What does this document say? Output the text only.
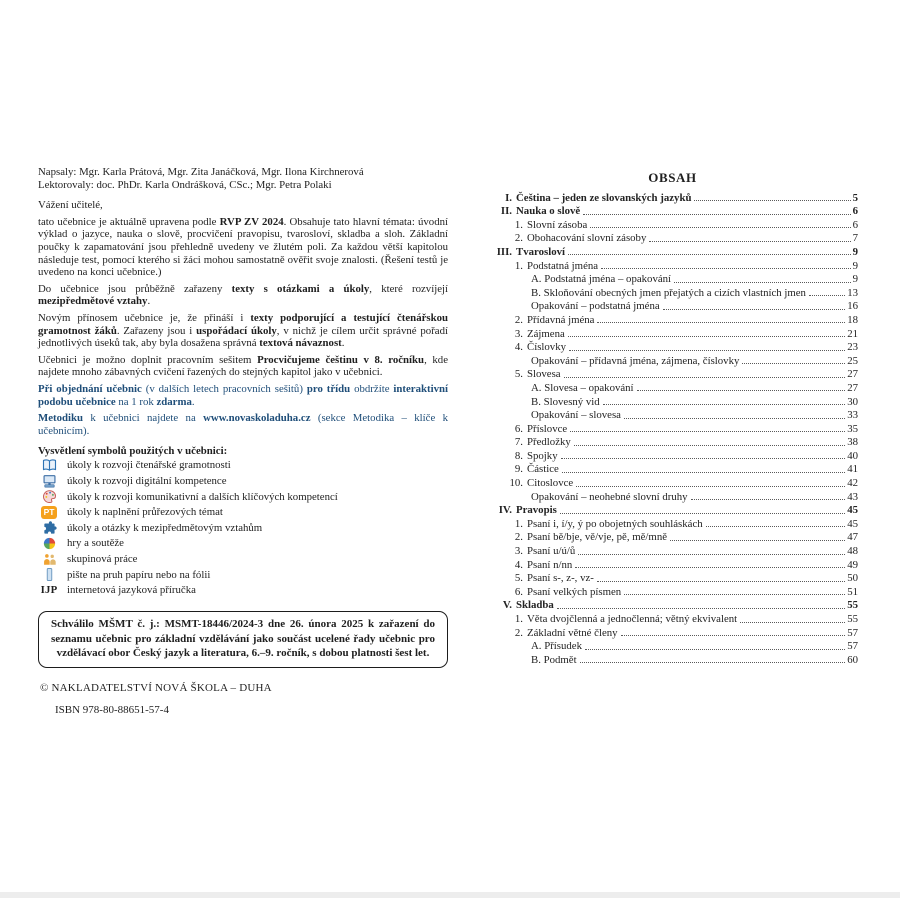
Napsaly: Mgr. Karla Prátová, Mgr. Zita Janáčková, Mgr. Ilona Kirchnerová
Lektorovaly: doc. PhDr. Karla Ondrášková, CSc.; Mgr. Petra Polaki

Vážení učitelé,

tato učebnice je aktuálně upravena podle RVP ZV 2024. Obsahuje tato hlavní témata: úvodní výklad o jazyce, nauka o slově, procvičení pravopisu, tvarosloví, skladba a sloh. Základní poučky k zapamatování jsou přehledně uvedeny ve žlutém poli. Za každou větší kapitolou následuje test, pomocí kterého si žáci mohou samostatně ověřit svoje znalosti. (Řešení testů je uvedeno na konci učebnice.)

Do učebnice jsou průběžně zařazeny texty s otázkami a úkoly, které rozvíjejí mezipředmětové vztahy.

Novým přínosem učebnice je, že přináší i texty podporující a testující čtenářskou gramotnost žáků. Zařazeny jsou i uspořádací úkoly, v nichž je cílem určit správné pořadí jednotlivých úseků tak, aby byla dosažena správná textová návaznost.

Učebnici je možno doplnit pracovním sešitem Procvičujeme češtinu v 8. ročníku, kde najdete mnoho zábavných cvičení řazených do stejných kapitol jako v učebnici.

Při objednání učebnic (v dalších letech pracovních sešitů) pro třídu obdržíte interaktivní podobu učebnice na 1 rok zdarma.

Metodiku k učebnici najdete na www.novaskoladuha.cz (sekce Metodika – klíče k učebnicím).

Vysvětlení symbolů použitých v učebnici:

úkoly k rozvoji čtenářské gramotnosti
úkoly k rozvoji digitální kompetence
úkoly k rozvoji komunikativní a dalších klíčových kompetencí
PT úkoly k naplnění průřezových témat
úkoly a otázky k mezipředmětovým vztahům
hry a soutěže
skupinová práce
pište na pruh papíru nebo na fólii
IJP internetová jazyková příručka
Schválilo MŠMT č. j.: MSMT-18446/2024-3 dne 26. února 2025 k zařazení do seznamu učebnic pro základní vzdělávání jako součást ucelené řady učebnic pro vzdělávací obor Český jazyk a literatura, 6.–9. ročník, s dobou platnosti šest let.

© NAKLADATELSTVÍ NOVÁ ŠKOLA – DUHA

ISBN 978-80-88651-57-4

OBSAH
I. Čeština – jeden ze slovanských jazyků	5
II. Nauka o slově	6
1. Slovní zásoba	6
2. Obohacování slovní zásoby	7
III. Tvarosloví	9
1. Podstatná jména	9
A. Podstatná jména – opakování	9
B. Skloňování obecných jmen přejatých a cizích vlastních jmen	13
Opakování – podstatná jména	16
2. Přídavná jména	18
3. Zájmena	21
4. Číslovky	23
Opakování – přídavná jména, zájmena, číslovky	25
5. Slovesa	27
A. Slovesa – opakování	27
B. Slovesný vid	30
Opakování – slovesa	33
6. Příslovce	35
7. Předložky	38
8. Spojky	40
9. Částice	41
10. Citoslovce	42
Opakování – neohebné slovní druhy	43
IV. Pravopis	45
1. Psaní i, í/y, ý po obojetných souhláskách	45
2. Psaní bě/bje, vě/vje, pě, mě/mně	47
3. Psaní u/ú/ů	48
4. Psaní n/nn	49
5. Psaní s-, z-, vz-	50
6. Psaní velkých písmen	51
V. Skladba	55
1. Věta dvojčlenná a jednočlenná; větný ekvivalent	55
2. Základní větné členy	57
A. Přísudek	57
B. Podmět	60
